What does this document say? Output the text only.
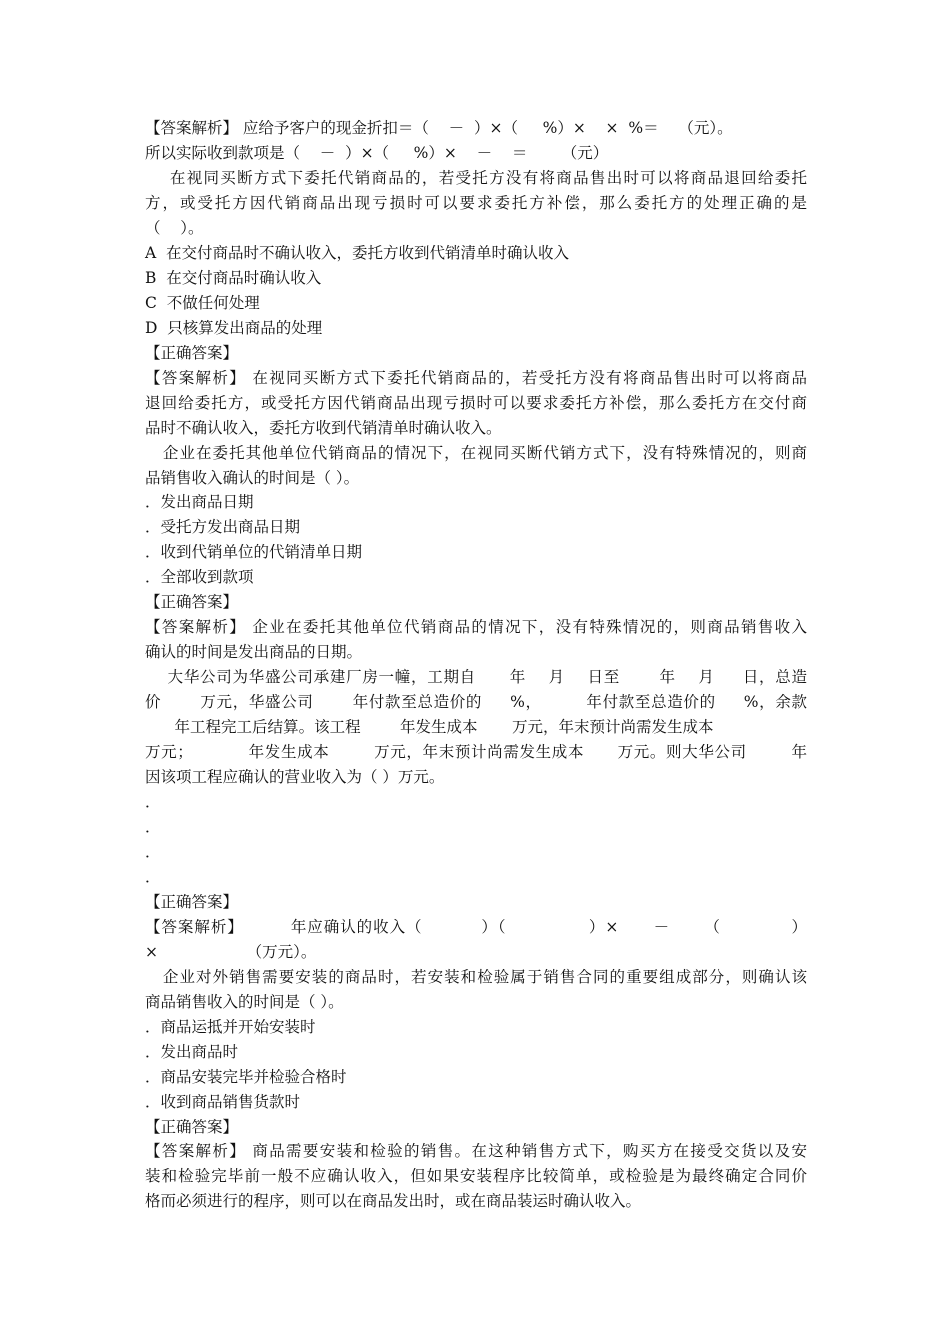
【答案解析】 应给予客户的现金折扣＝（    －  ）×（     %）×    ×  %＝    （元）。
所以实际收到款项是（    －  ）×（     %）×    －    ＝       （元）
在视同买断方式下委托代销商品的，若受托方没有将商品售出时可以将商品退回给委托
方，或受托方因代销商品出现亏损时可以要求委托方补偿，那么委托方的处理正确的是
（    ）。
A  在交付商品时不确认收入，委托方收到代销清单时确认收入
B  在交付商品时确认收入
C  不做任何处理
D  只核算发出商品的处理
【正确答案】
【答案解析】 在视同买断方式下委托代销商品的，若受托方没有将商品售出时可以将商品
退回给委托方，或受托方因代销商品出现亏损时可以要求委托方补偿，那么委托方在交付商
品时不确认收入，委托方收到代销清单时确认收入。
企业在委托其他单位代销商品的情况下，在视同买断代销方式下，没有特殊情况的，则商
品销售收入确认的时间是（ ）。
．发出商品日期
．受托方发出商品日期
．收到代销单位的代销清单日期
．全部收到款项
【正确答案】
【答案解析】 企业在委托其他单位代销商品的情况下，没有特殊情况的，则商品销售收入
确认的时间是发出商品的日期。
大华公司为华盛公司承建厂房一幢，工期自      年    月    日至       年    月     日，总造
价       万元，华盛公司       年付款至总造价的     %，        年付款至总造价的     %，余款
年工程完工后结算。该工程        年发生成本       万元，年末预计尚需发生成本
万元；          年发生成本        万元，年末预计尚需发生成本      万元。则大华公司        年
因该项工程应确认的营业收入为（ ）万元。
．
．
．
．
【正确答案】
【答案解析】        年应确认的收入（          ）（              ）×      －      （            ）
×                  （万元）。
企业对外销售需要安装的商品时，若安装和检验属于销售合同的重要组成部分，则确认该
商品销售收入的时间是（ ）。
．商品运抵并开始安装时
．发出商品时
．商品安装完毕并检验合格时
．收到商品销售货款时
【正确答案】
【答案解析】 商品需要安装和检验的销售。在这种销售方式下，购买方在接受交货以及安
装和检验完毕前一般不应确认收入，但如果安装程序比较简单，或检验是为最终确定合同价
格而必须进行的程序，则可以在商品发出时，或在商品装运时确认收入。
